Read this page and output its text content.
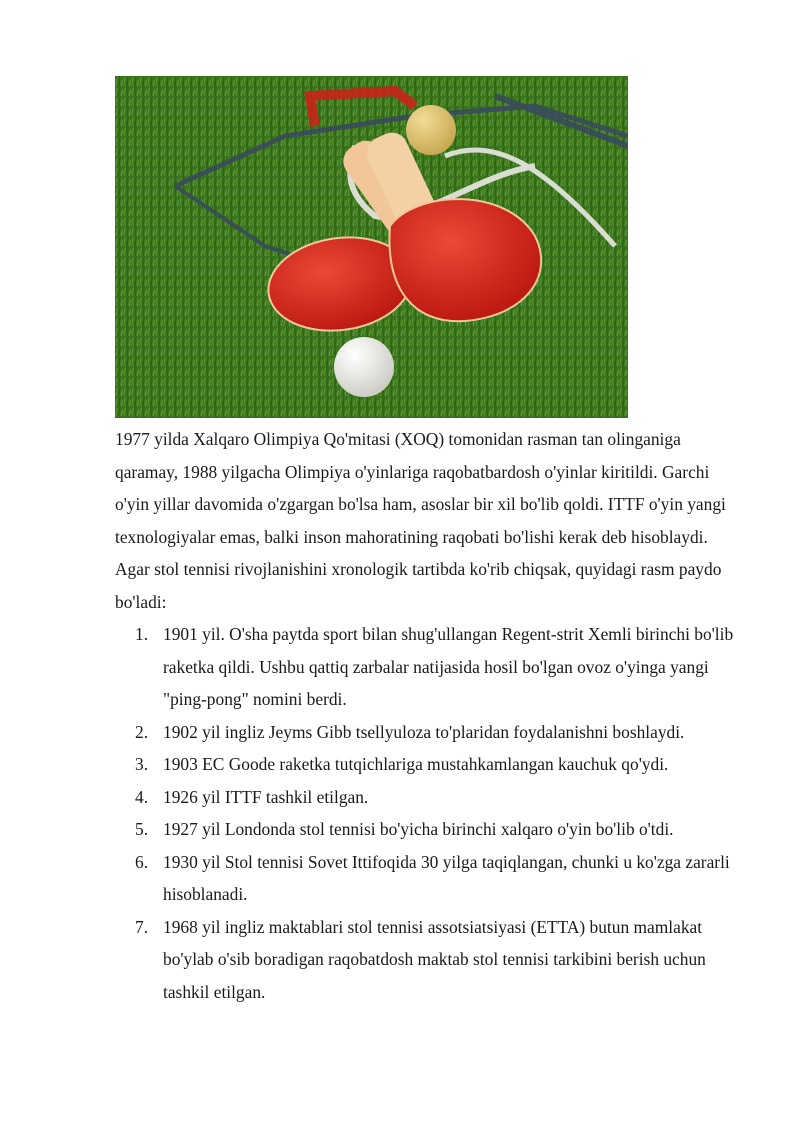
1977 yilda Xalqaro Olimpiya Qo'mitasi (XOQ) tomonidan rasman tan olinganiga qaramay, 1988 yilgacha Olimpiya o'yinlariga raqobatbardosh o'yinlar kiritildi. Garchi o'yin yillar davomida o'zgargan bo'lsa ham, asoslar bir xil bo'lib qoldi. ITTF o'yin yangi texnologiyalar emas, balki inson mahoratining raqobati bo'lishi kerak deb hisoblaydi.

Agar stol tennisi rivojlanishini xronologik tartibda ko'rib chiqsak, quyidagi rasm paydo bo'ladi:

1. 1901 yil. O'sha paytda sport bilan shug'ullangan Regent-strit Xemli birinchi bo'lib raketka qildi. Ushbu qattiq zarbalar natijasida hosil bo'lgan ovoz o'yinga yangi "ping-pong" nomini berdi.
2. 1902 yil ingliz Jeyms Gibb tsellyuloza to'plaridan foydalanishni boshlaydi.
3. 1903 EC Goode raketka tutqichlariga mustahkamlangan kauchuk qo'ydi.
4. 1926 yil ITTF tashkil etilgan.
5. 1927 yil Londonda stol tennisi bo'yicha birinchi xalqaro o'yin bo'lib o'tdi.
6. 1930 yil Stol tennisi Sovet Ittifoqida 30 yilga taqiqlangan, chunki u ko'zga zararli hisoblanadi.
7. 1968 yil ingliz maktablari stol tennisi assotsiatsiyasi (ETTA) butun mamlakat bo'ylab o'sib boradigan raqobatdosh maktab stol tennisi tarkibini berish uchun tashkil etilgan.
